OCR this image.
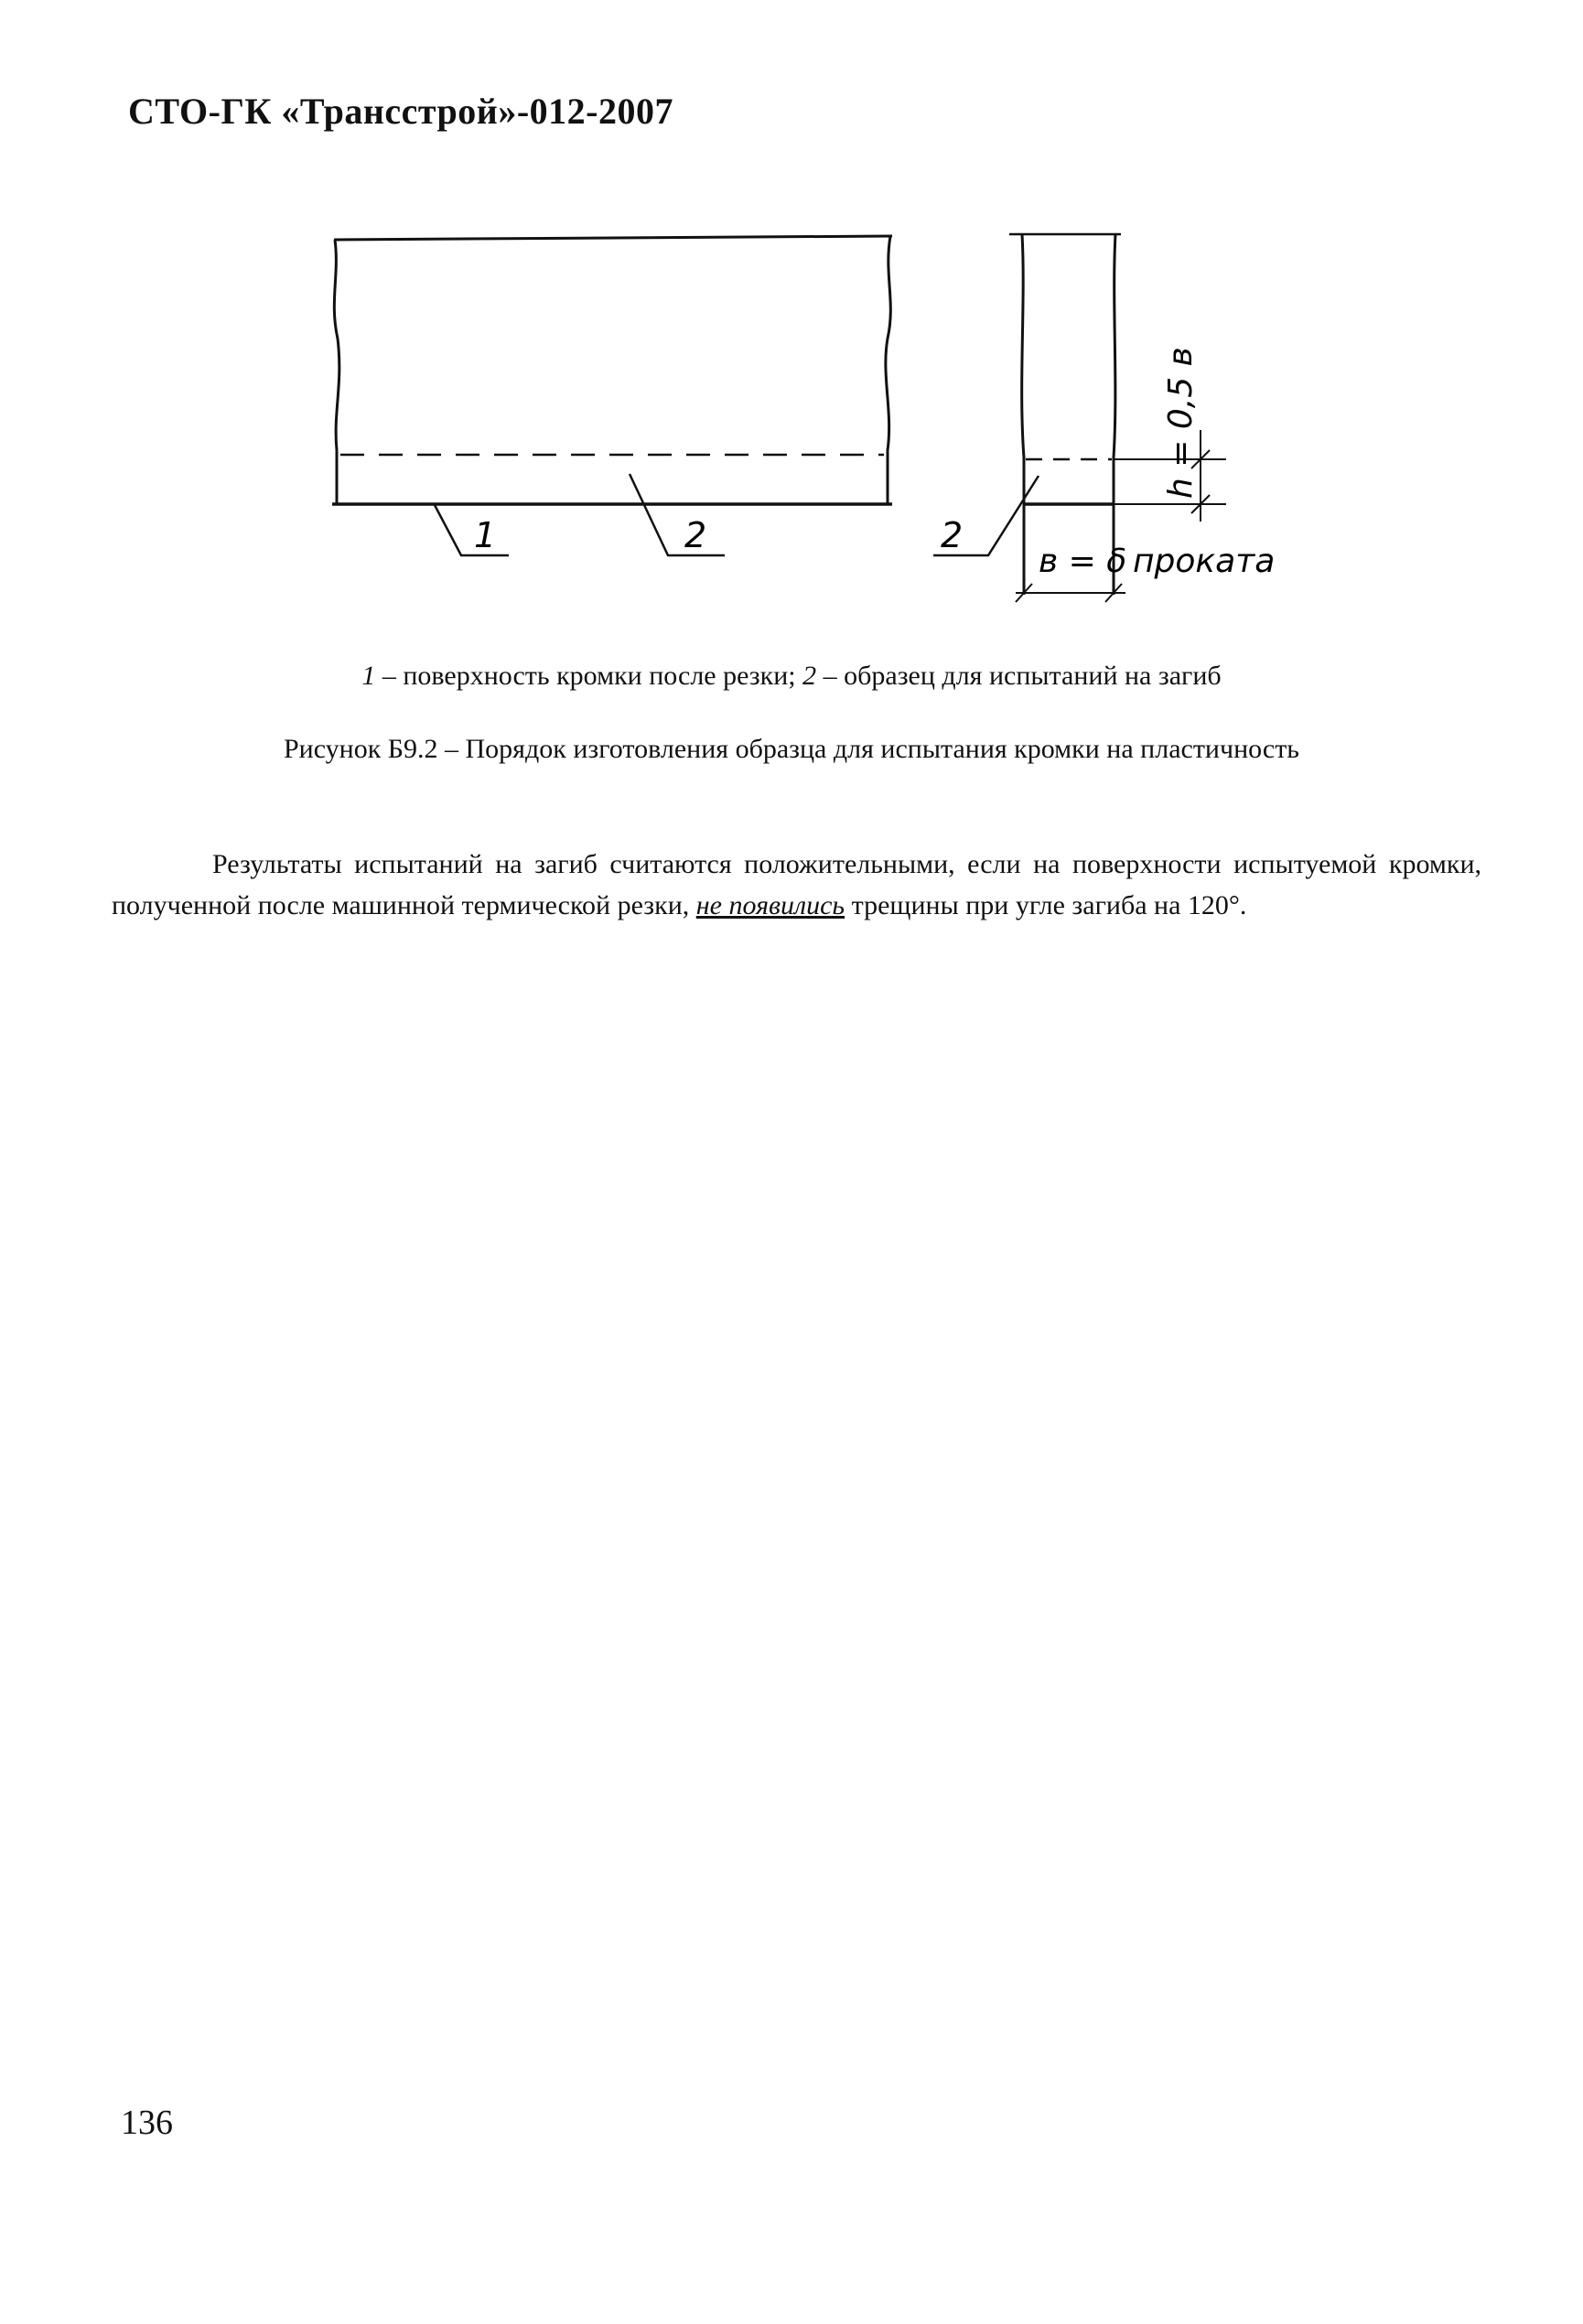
СТО-ГК «Трансстрой»-012-2007
1	2	2
h = 0,5 в
в = δ проката
1 – поверхность кромки после резки; 2 – образец для испытаний на загиб
Рисунок Б9.2 – Порядок изготовления образца для испытания кромки на пластичность

Результаты испытаний на загиб считаются положительными, если на поверхности испытуемой кромки, полученной после машинной термической резки, не появились трещины при угле загиба на 120°.

136
